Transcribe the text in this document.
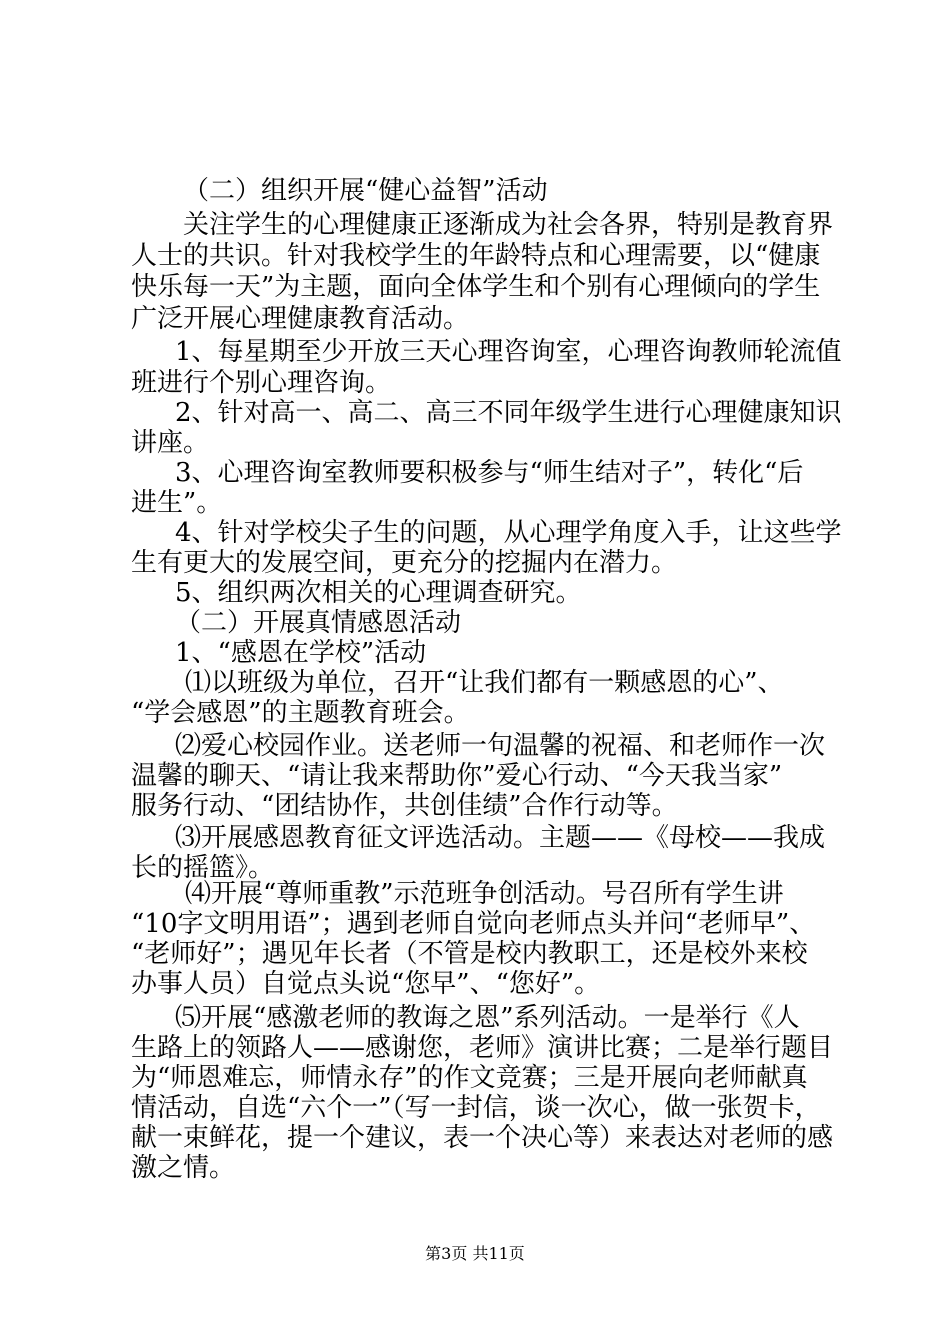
（二）组织开展“健心益智”活动
关注学生的心理健康正逐渐成为社会各界，特别是教育界
人士的共识。针对我校学生的年龄特点和心理需要，以“健康
快乐每一天”为主题，面向全体学生和个别有心理倾向的学生
广泛开展心理健康教育活动。
1、每星期至少开放三天心理咨询室，心理咨询教师轮流值
班进行个别心理咨询。
2、针对高一、高二、高三不同年级学生进行心理健康知识
讲座。
3、心理咨询室教师要积极参与“师生结对子”，转化“后
进生”。
4、针对学校尖子生的问题，从心理学角度入手，让这些学
生有更大的发展空间，更充分的挖掘内在潜力。
5、组织两次相关的心理调查研究。
（二）开展真情感恩活动
1、“感恩在学校”活动
⑴以班级为单位，召开“让我们都有一颗感恩的心”、
“学会感恩”的主题教育班会。
⑵爱心校园作业。送老师一句温馨的祝福、和老师作一次
温馨的聊天、“请让我来帮助你”爱心行动、“今天我当家”
服务行动、“团结协作，共创佳绩”合作行动等。
⑶开展感恩教育征文评选活动。主题——《母校——我成
长的摇篮》。
⑷开展“尊师重教”示范班争创活动。号召所有学生讲
“10字文明用语”；遇到老师自觉向老师点头并问“老师早”、
“老师好”；遇见年长者（不管是校内教职工，还是校外来校
办事人员）自觉点头说“您早”、“您好”。
⑸开展“感激老师的教诲之恩”系列活动。一是举行《人
生路上的领路人——感谢您，老师》演讲比赛；二是举行题目
为“师恩难忘，师情永存”的作文竞赛；三是开展向老师献真
情活动，自选“六个一”（写一封信，谈一次心，做一张贺卡，
献一束鲜花，提一个建议，表一个决心等）来表达对老师的感
激之情。
第3页 共11页
